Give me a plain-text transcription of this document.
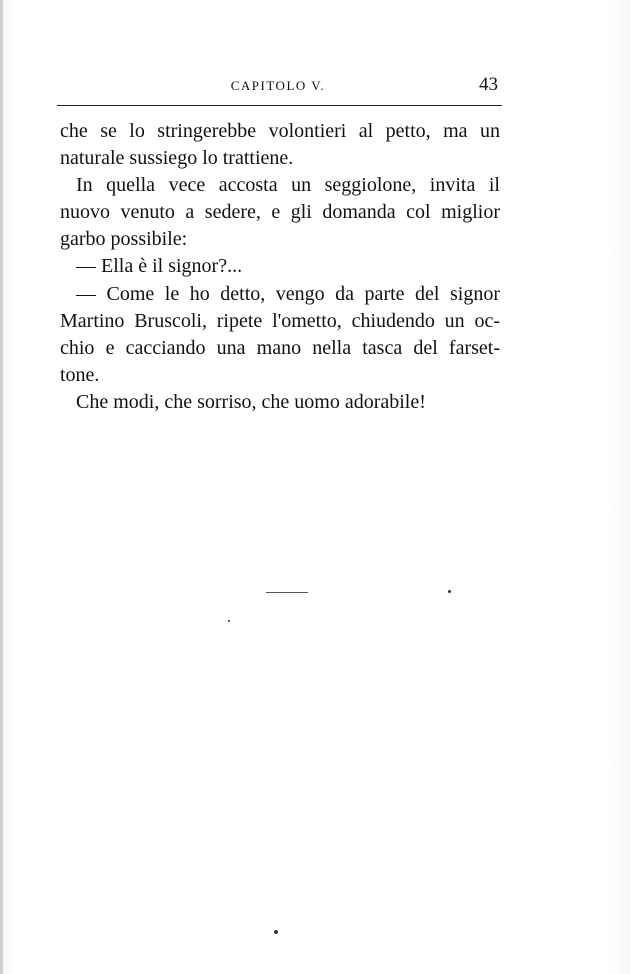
CAPITOLO V.	43
che se lo stringerebbe volontieri al petto, ma un
naturale sussiego lo trattiene.
In quella vece accosta un seggiolone, invita il
nuovo venuto a sedere, e gli domanda col miglior
garbo possibile:
— Ella è il signor?...
— Come le ho detto, vengo da parte del signor
Martino Bruscoli, ripete l'ometto, chiudendo un oc-
chio e cacciando una mano nella tasca del farset-
tone.
Che modi, che sorriso, che uomo adorabile!
